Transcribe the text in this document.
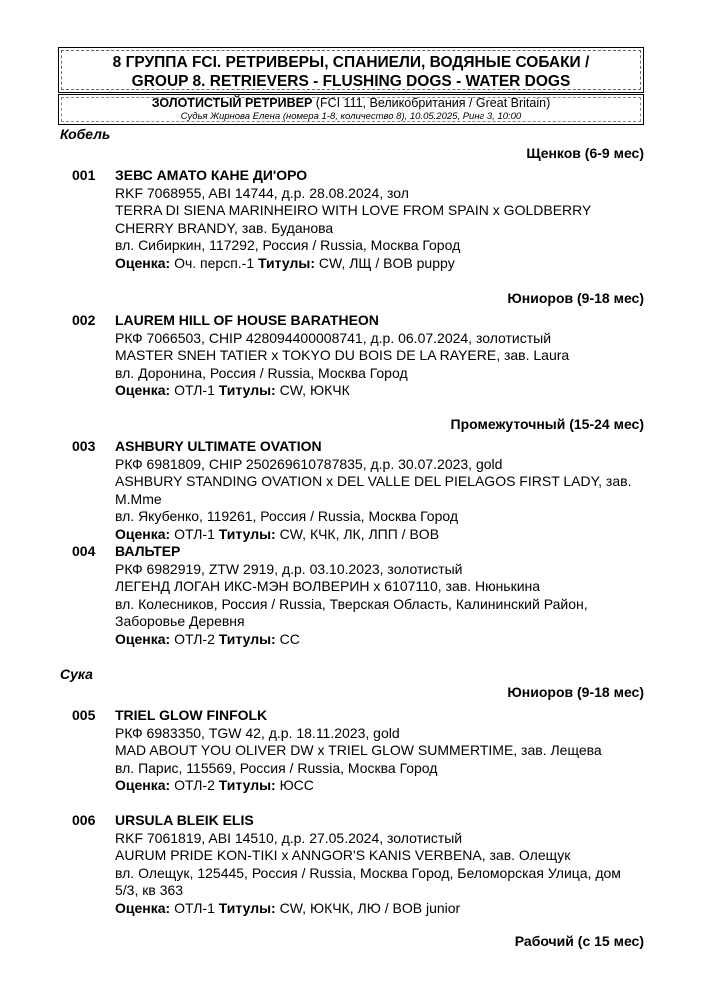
8 ГРУППА FCI. РЕТРИВЕРЫ, СПАНИЕЛИ, ВОДЯНЫЕ СОБАКИ /
GROUP 8. RETRIEVERS - FLUSHING DOGS - WATER DOGS
ЗОЛОТИСТЫЙ РЕТРИВЕР (FCI 111, Великобритания / Great Britain)
Судья Жирнова Елена (номера 1-8, количество 8), 10.05.2025, Ринг 3, 10:00
Кобель
Щенков (6-9 мес)
001 ЗЕВС АМАТО КАНЕ ДИ'ОРО
RKF 7068955, ABI 14744, д.р. 28.08.2024, зол
TERRA DI SIENA MARINHEIRO WITH LOVE FROM SPAIN x GOLDBERRY CHERRY BRANDY, зав. Буданова
вл. Сибиркин, 117292, Россия / Russia, Москва Город
Оценка: Оч. персп.-1 Титулы: CW, ЛЩ / BOB puppy
Юниоров (9-18 мес)
002 LAUREM HILL OF HOUSE BARATHEON
РКФ 7066503, CHIP 428094400008741, д.р. 06.07.2024, золотистый
MASTER SNEH TATIER x TOKYO DU BOIS DE LA RAYERE, зав. Laura
вл. Доронина, Россия / Russia, Москва Город
Оценка: ОТЛ-1 Титулы: CW, ЮКЧК
Промежуточный (15-24 мес)
003 ASHBURY ULTIMATE OVATION
РКФ 6981809, CHIP 250269610787835, д.р. 30.07.2023, gold
ASHBURY STANDING OVATION x DEL VALLE DEL PIELAGOS FIRST LADY, зав. M.Mme
вл. Якубенко, 119261, Россия / Russia, Москва Город
Оценка: ОТЛ-1 Титулы: CW, КЧК, ЛК, ЛПП / BOB
004 ВАЛЬТЕР
РКФ 6982919, ZTW 2919, д.р. 03.10.2023, золотистый
ЛЕГЕНД ЛОГАН ИКС-МЭН ВОЛВЕРИН x 6107110, зав. Нюнькина
вл. Колесников, Россия / Russia, Тверская Область, Калининский Район, Заборовье Деревня
Оценка: ОТЛ-2 Титулы: CC
Сука
Юниоров (9-18 мес)
005 TRIEL GLOW FINFOLK
РКФ 6983350, TGW 42, д.р. 18.11.2023, gold
MAD ABOUT YOU OLIVER DW x TRIEL GLOW SUMMERTIME, зав. Лещева
вл. Парис, 115569, Россия / Russia, Москва Город
Оценка: ОТЛ-2 Титулы: ЮСС
006 URSULA BLEIK ELIS
RKF 7061819, ABI 14510, д.р. 27.05.2024, золотистый
AURUM PRIDE KON-TIKI x ANNGOR'S KANIS VERBENA, зав. Олещук
вл. Олещук, 125445, Россия / Russia, Москва Город, Беломорская Улица, дом 5/3, кв 363
Оценка: ОТЛ-1 Титулы: CW, ЮКЧК, ЛЮ / BOB junior
Рабочий (с 15 мес)
